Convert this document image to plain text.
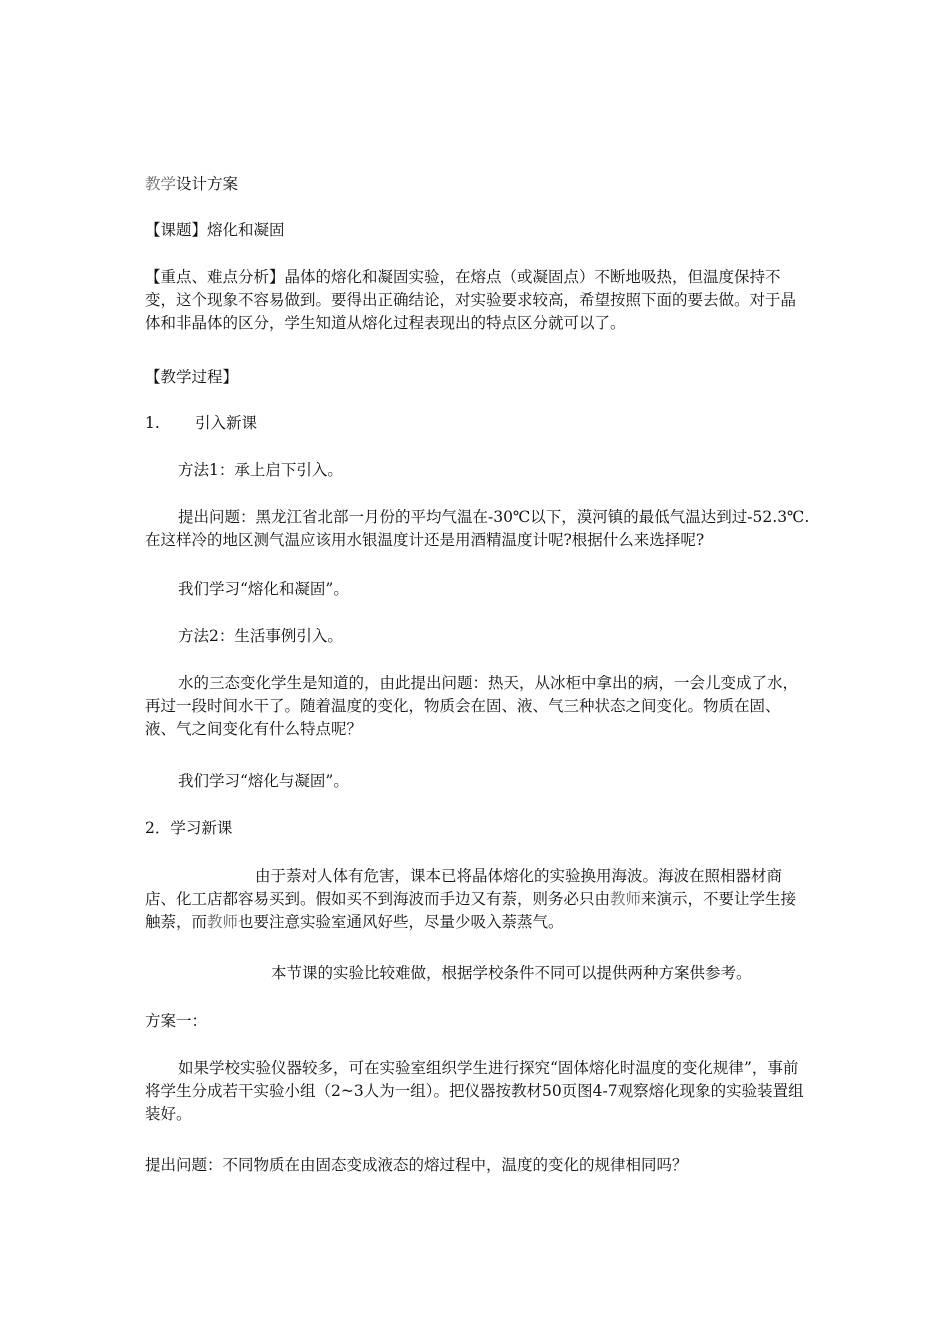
教学设计方案

【课题】熔化和凝固

【重点、难点分析】晶体的熔化和凝固实验，在熔点（或凝固点）不断地吸热，但温度保持不变，这个现象不容易做到。要得出正确结论，对实验要求较高，希望按照下面的要去做。对于晶体和非晶体的区分，学生知道从熔化过程表现出的特点区分就可以了。

【教学过程】

1. 引入新课

方法1：承上启下引入。

提出问题：黑龙江省北部一月份的平均气温在-30℃以下，漠河镇的最低气温达到过-52.3℃.在这样冷的地区测气温应该用水银温度计还是用酒精温度计呢?根据什么来选择呢?

我们学习“熔化和凝固”。

方法2：生活事例引入。

水的三态变化学生是知道的，由此提出问题：热天，从冰柜中拿出的病，一会儿变成了水，再过一段时间水干了。随着温度的变化，物质会在固、液、气三种状态之间变化。物质在固、液、气之间变化有什么特点呢？

我们学习“熔化与凝固”。

2．学习新课

由于萘对人体有危害，课本已将晶体熔化的实验换用海波。海波在照相器材商店、化工店都容易买到。假如买不到海波而手边又有萘，则务必只由教师来演示，不要让学生接触萘，而教师也要注意实验室通风好些，尽量少吸入萘蒸气。

本节课的实验比较难做，根据学校条件不同可以提供两种方案供参考。

方案一：

如果学校实验仪器较多，可在实验室组织学生进行探究“固体熔化时温度的变化规律”，事前将学生分成若干实验小组（2~3人为一组）。把仪器按教材50页图4-7观察熔化现象的实验装置组装好。

提出问题：不同物质在由固态变成液态的熔过程中，温度的变化的规律相同吗？
